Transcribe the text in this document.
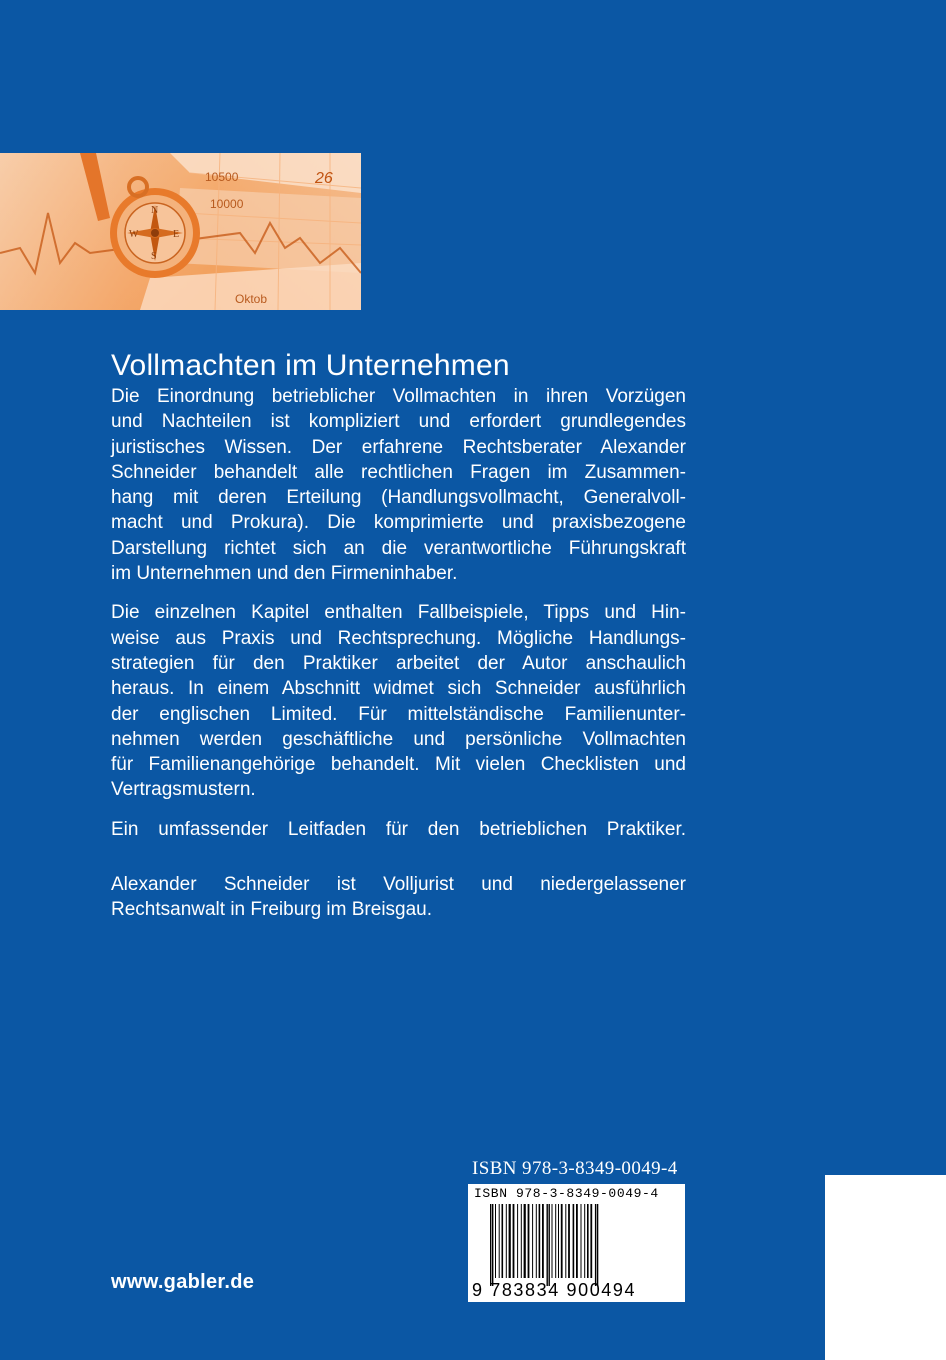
10500
10000
26
Oktob
N
E
S
W
Vollmachten im Unternehmen
Die Einordnung betrieblicher Vollmachten in ihren Vorzügen
und Nachteilen ist kompliziert und erfordert grundlegendes
juristisches Wissen. Der erfahrene Rechtsberater Alexander
Schneider behandelt alle rechtlichen Fragen im Zusammen-
hang mit deren Erteilung (Handlungsvollmacht, Generalvoll-
macht und Prokura). Die komprimierte und praxisbezogene
Darstellung richtet sich an die verantwortliche Führungskraft
im Unternehmen und den Firmeninhaber.
Die einzelnen Kapitel enthalten Fallbeispiele, Tipps und Hin-
weise aus Praxis und Rechtsprechung. Mögliche Handlungs-
strategien für den Praktiker arbeitet der Autor anschaulich
heraus. In einem Abschnitt widmet sich Schneider ausführlich
der englischen Limited. Für mittelständische Familienunter-
nehmen werden geschäftliche und persönliche Vollmachten
für Familienangehörige behandelt. Mit vielen Checklisten und
Vertragsmustern.
Ein umfassender Leitfaden für den betrieblichen Praktiker.
Alexander Schneider ist Volljurist und niedergelassener
Rechtsanwalt in Freiburg im Breisgau.
www.gabler.de
ISBN 978-3-8349-0049-4
ISBN 978-3-8349-0049-4
9 783834 900494
